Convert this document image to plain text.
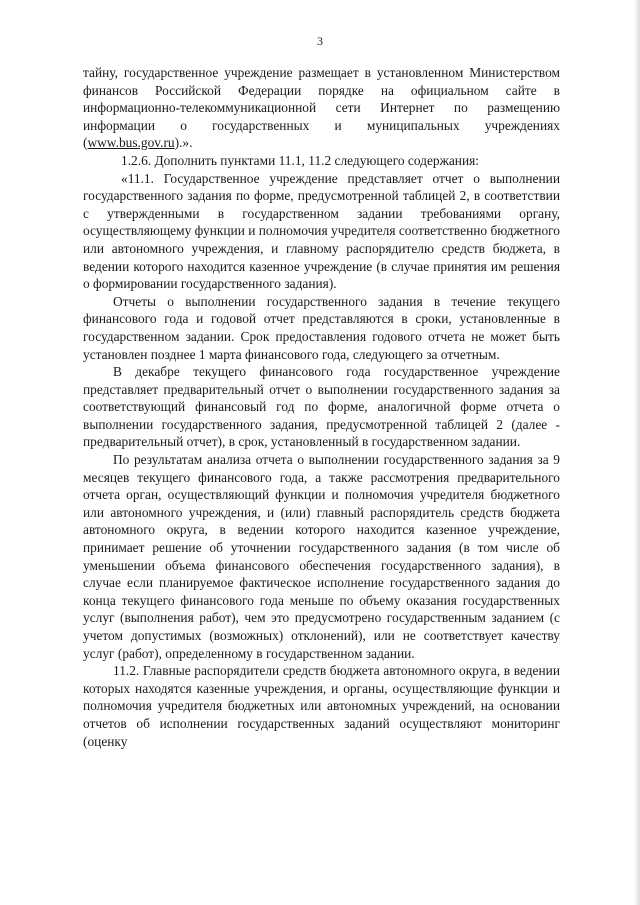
3

тайну, государственное учреждение размещает в установленном Министерством финансов Российской Федерации порядке на официальном сайте в информационно-телекоммуникационной сети Интернет по размещению информации о государственных и муниципальных учреждениях (www.bus.gov.ru).».

1.2.6. Дополнить пунктами 11.1, 11.2 следующего содержания:

«11.1. Государственное учреждение представляет отчет о выполнении государственного задания по форме, предусмотренной таблицей 2, в соответствии с утвержденными в государственном задании требованиями органу, осуществляющему функции и полномочия учредителя соответственно бюджетного или автономного учреждения, и главному распорядителю средств бюджета, в ведении которого находится казенное учреждение (в случае принятия им решения о формировании государственного задания).

Отчеты о выполнении государственного задания в течение текущего финансового года и годовой отчет представляются в сроки, установленные в государственном задании. Срок предоставления годового отчета не может быть установлен позднее 1 марта финансового года, следующего за отчетным.

В декабре текущего финансового года государственное учреждение представляет предварительный отчет о выполнении государственного задания за соответствующий финансовый год по форме, аналогичной форме отчета о выполнении государственного задания, предусмотренной таблицей 2 (далее - предварительный отчет), в срок, установленный в государственном задании.

По результатам анализа отчета о выполнении государственного задания за 9 месяцев текущего финансового года, а также рассмотрения предварительного отчета орган, осуществляющий функции и полномочия учредителя бюджетного или автономного учреждения, и (или) главный распорядитель средств бюджета автономного округа, в ведении которого находится казенное учреждение, принимает решение об уточнении государственного задания (в том числе об уменьшении объема финансового обеспечения государственного задания), в случае если планируемое фактическое исполнение государственного задания до конца текущего финансового года меньше по объему оказания государственных услуг (выполнения работ), чем это предусмотрено государственным заданием (с учетом допустимых (возможных) отклонений), или не соответствует качеству услуг (работ), определенному в государственном задании.

11.2. Главные распорядители средств бюджета автономного округа, в ведении которых находятся казенные учреждения, и органы, осуществляющие функции и полномочия учредителя бюджетных или автономных учреждений, на основании отчетов об исполнении государственных заданий осуществляют мониторинг (оценку
